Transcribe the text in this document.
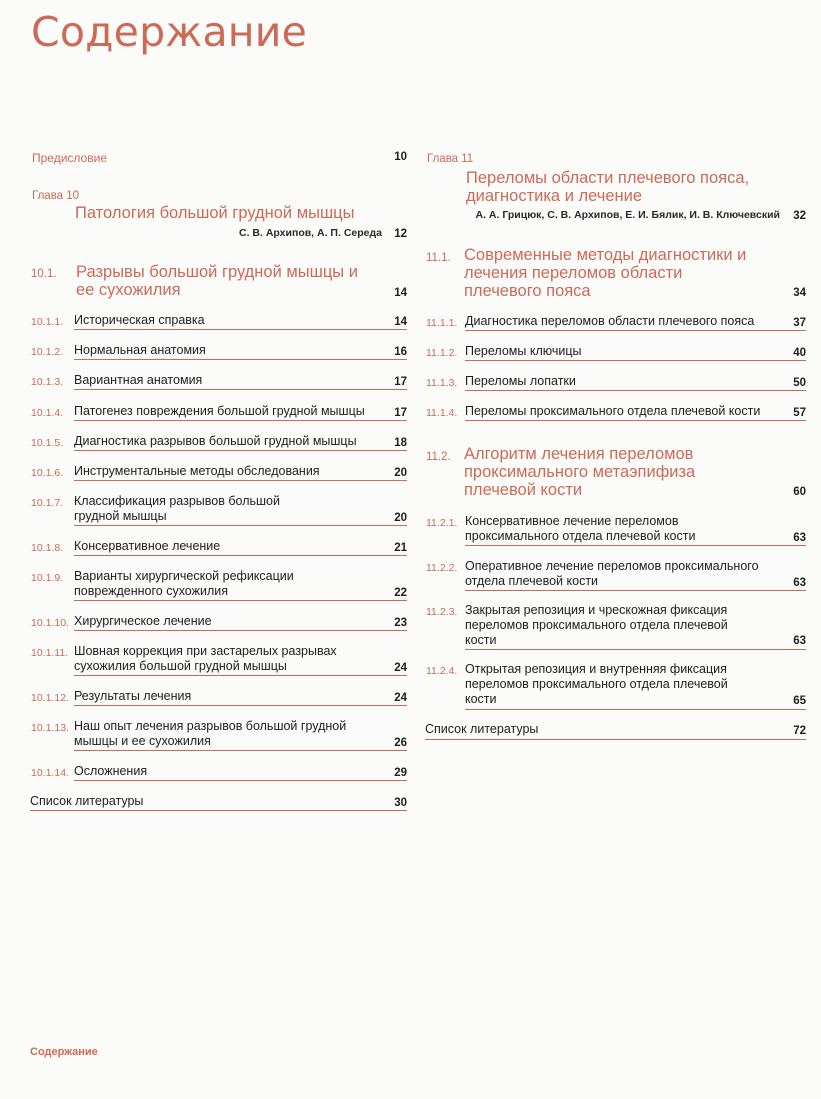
Содержание
Предисловие	10
Глава 10
Патология большой грудной мышцы
С. В. Архипов, А. П. Середа 12
10.1. Разрывы большой грудной мышцы и ее сухожилия	14
10.1.1. Историческая справка	14
10.1.2. Нормальная анатомия	16
10.1.3. Вариантная анатомия	17
10.1.4. Патогенез повреждения большой грудной мышцы	17
10.1.5. Диагностика разрывов большой грудной мышцы	18
10.1.6. Инструментальные методы обследования	20
10.1.7. Классификация разрывов большой грудной мышцы	20
10.1.8. Консервативное лечение	21
10.1.9. Варианты хирургической рефиксации поврежденного сухожилия	22
10.1.10. Хирургическое лечение	23
10.1.11. Шовная коррекция при застарелых разрывах сухожилия большой грудной мышцы	24
10.1.12. Результаты лечения	24
10.1.13. Наш опыт лечения разрывов большой грудной мышцы и ее сухожилия	26
10.1.14. Осложнения	29
Список литературы	30
Глава 11
Переломы области плечевого пояса, диагностика и лечение
А. А. Грицюк, С. В. Архипов, Е. И. Бялик, И. В. Ключевский 32
11.1. Современные методы диагностики и лечения переломов области плечевого пояса	34
11.1.1. Диагностика переломов области плечевого пояса	37
11.1.2. Переломы ключицы	40
11.1.3. Переломы лопатки	50
11.1.4. Переломы проксимального отдела плечевой кости	57
11.2. Алгоритм лечения переломов проксимального метаэпифиза плечевой кости	60
11.2.1. Консервативное лечение переломов проксимального отдела плечевой кости	63
11.2.2. Оперативное лечение переломов проксимального отдела плечевой кости	63
11.2.3. Закрытая репозиция и чрескожная фиксация переломов проксимального отдела плечевой кости	63
11.2.4. Открытая репозиция и внутренняя фиксация переломов проксимального отдела плечевой кости	65
Список литературы	72
Содержание
